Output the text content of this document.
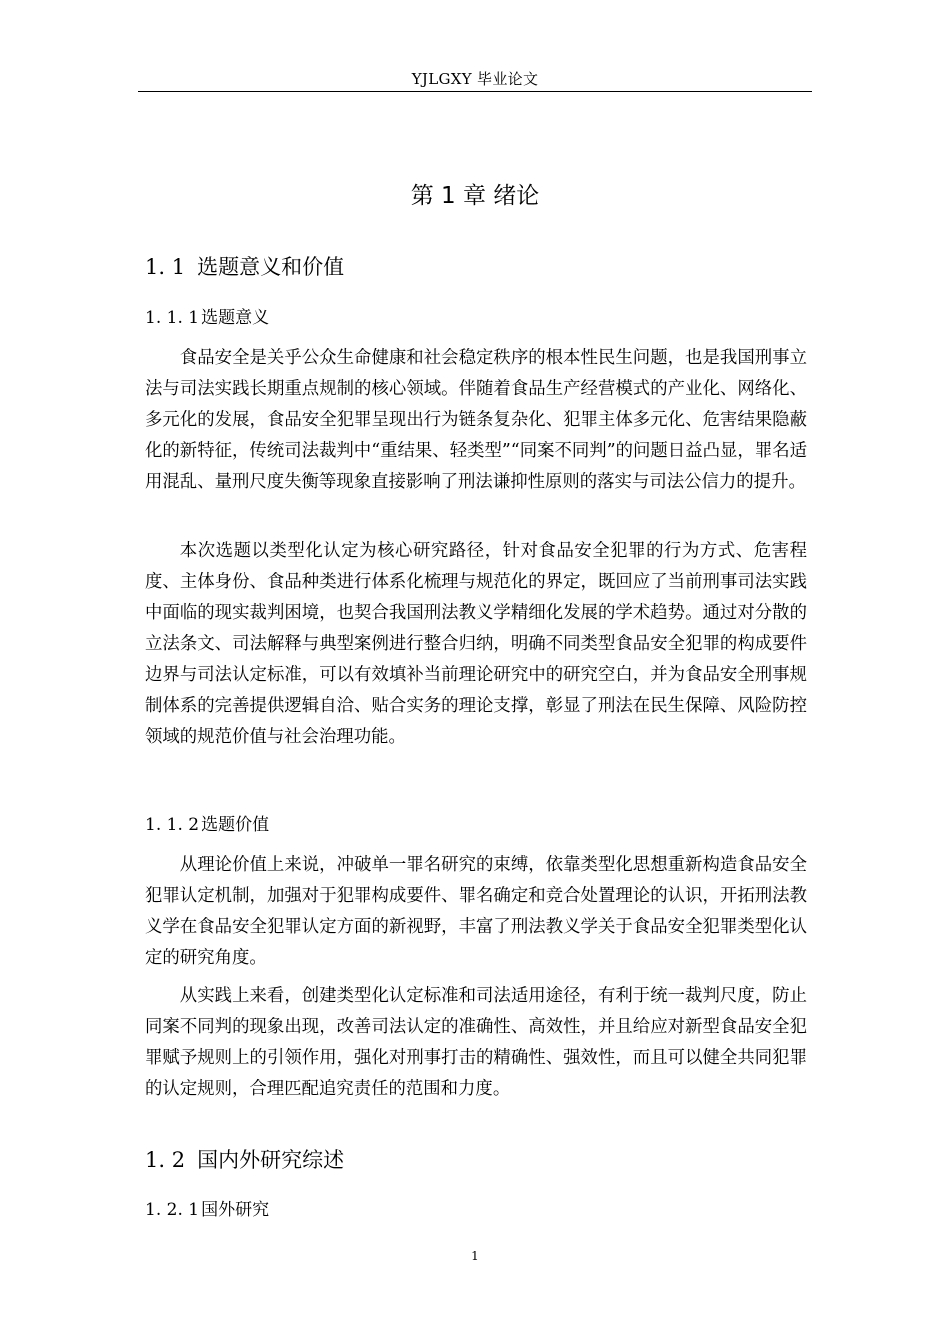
YJLGXY 毕业论文
第 1 章 绪论
1. 1 选题意义和价值
1. 1. 1 选题意义
食品安全是关乎公众生命健康和社会稳定秩序的根本性民生问题，也是我国刑事立法与司法实践长期重点规制的核心领域。伴随着食品生产经营模式的产业化、网络化、多元化的发展，食品安全犯罪呈现出行为链条复杂化、犯罪主体多元化、危害结果隐蔽化的新特征，传统司法裁判中“重结果、轻类型”“同案不同判”的问题日益凸显，罪名适用混乱、量刑尺度失衡等现象直接影响了刑法谦抑性原则的落实与司法公信力的提升。
本次选题以类型化认定为核心研究路径，针对食品安全犯罪的行为方式、危害程度、主体身份、食品种类进行体系化梳理与规范化的界定，既回应了当前刑事司法实践中面临的现实裁判困境，也契合我国刑法教义学精细化发展的学术趋势。通过对分散的立法条文、司法解释与典型案例进行整合归纳，明确不同类型食品安全犯罪的构成要件边界与司法认定标准，可以有效填补当前理论研究中的研究空白，并为食品安全刑事规制体系的完善提供逻辑自洽、贴合实务的理论支撑，彰显了刑法在民生保障、风险防控领域的规范价值与社会治理功能。
1. 1. 2 选题价值
从理论价值上来说，冲破单一罪名研究的束缚，依靠类型化思想重新构造食品安全犯罪认定机制，加强对于犯罪构成要件、罪名确定和竞合处置理论的认识，开拓刑法教义学在食品安全犯罪认定方面的新视野，丰富了刑法教义学关于食品安全犯罪类型化认定的研究角度。
从实践上来看，创建类型化认定标准和司法适用途径，有利于统一裁判尺度，防止同案不同判的现象出现，改善司法认定的准确性、高效性，并且给应对新型食品安全犯罪赋予规则上的引领作用，强化对刑事打击的精确性、强效性，而且可以健全共同犯罪的认定规则，合理匹配追究责任的范围和力度。
1. 2 国内外研究综述
1. 2. 1 国外研究
1
